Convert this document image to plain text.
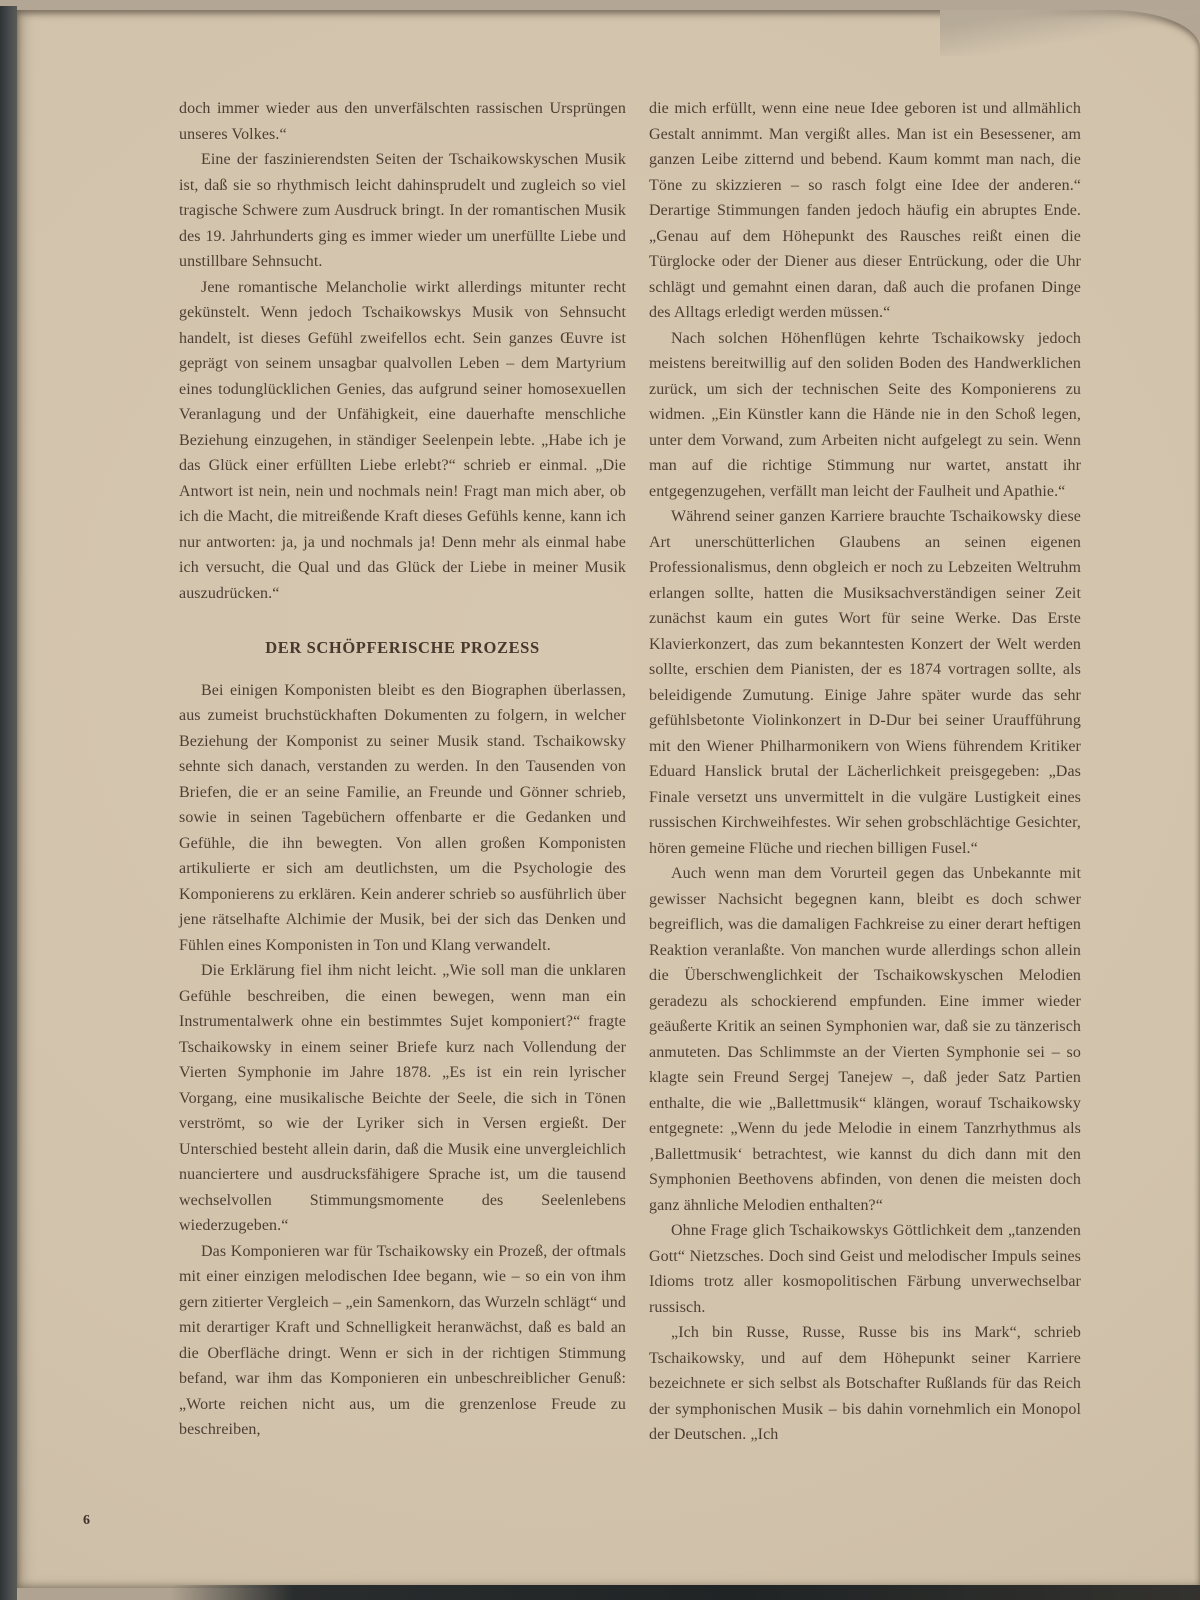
doch immer wieder aus den unverfälschten rassischen Ursprüngen unseres Volkes.“

Eine der faszinierendsten Seiten der Tschaikowskyschen Musik ist, daß sie so rhythmisch leicht dahinsprudelt und zugleich so viel tragische Schwere zum Ausdruck bringt. In der romantischen Musik des 19. Jahrhunderts ging es immer wieder um unerfüllte Liebe und unstillbare Sehnsucht.

Jene romantische Melancholie wirkt allerdings mitunter recht gekünstelt. Wenn jedoch Tschaikowskys Musik von Sehnsucht handelt, ist dieses Gefühl zweifellos echt. Sein ganzes Œuvre ist geprägt von seinem unsagbar qualvollen Leben – dem Martyrium eines todunglücklichen Genies, das aufgrund seiner homosexuellen Veranlagung und der Unfähigkeit, eine dauerhafte menschliche Beziehung einzugehen, in ständiger Seelenpein lebte. „Habe ich je das Glück einer erfüllten Liebe erlebt?“ schrieb er einmal. „Die Antwort ist nein, nein und nochmals nein! Fragt man mich aber, ob ich die Macht, die mitreißende Kraft dieses Gefühls kenne, kann ich nur antworten: ja, ja und nochmals ja! Denn mehr als einmal habe ich versucht, die Qual und das Glück der Liebe in meiner Musik auszudrücken.“

DER SCHÖPFERISCHE PROZESS

Bei einigen Komponisten bleibt es den Biographen überlassen, aus zumeist bruchstückhaften Dokumenten zu folgern, in welcher Beziehung der Komponist zu seiner Musik stand. Tschaikowsky sehnte sich danach, verstanden zu werden. In den Tausenden von Briefen, die er an seine Familie, an Freunde und Gönner schrieb, sowie in seinen Tagebüchern offenbarte er die Gedanken und Gefühle, die ihn bewegten. Von allen großen Komponisten artikulierte er sich am deutlichsten, um die Psychologie des Komponierens zu erklären. Kein anderer schrieb so ausführlich über jene rätselhafte Alchimie der Musik, bei der sich das Denken und Fühlen eines Komponisten in Ton und Klang verwandelt.

Die Erklärung fiel ihm nicht leicht. „Wie soll man die unklaren Gefühle beschreiben, die einen bewegen, wenn man ein Instrumentalwerk ohne ein bestimmtes Sujet komponiert?“ fragte Tschaikowsky in einem seiner Briefe kurz nach Vollendung der Vierten Symphonie im Jahre 1878. „Es ist ein rein lyrischer Vorgang, eine musikalische Beichte der Seele, die sich in Tönen verströmt, so wie der Lyriker sich in Versen ergießt. Der Unterschied besteht allein darin, daß die Musik eine unvergleichlich nuanciertere und ausdrucksfähigere Sprache ist, um die tausend wechselvollen Stimmungsmomente des Seelenlebens wiederzugeben.“

Das Komponieren war für Tschaikowsky ein Prozeß, der oftmals mit einer einzigen melodischen Idee begann, wie – so ein von ihm gern zitierter Vergleich – „ein Samenkorn, das Wurzeln schlägt“ und mit derartiger Kraft und Schnelligkeit heranwächst, daß es bald an die Oberfläche dringt. Wenn er sich in der richtigen Stimmung befand, war ihm das Komponieren ein unbeschreiblicher Genuß: „Worte reichen nicht aus, um die grenzenlose Freude zu beschreiben,

die mich erfüllt, wenn eine neue Idee geboren ist und allmählich Gestalt annimmt. Man vergißt alles. Man ist ein Besessener, am ganzen Leibe zitternd und bebend. Kaum kommt man nach, die Töne zu skizzieren – so rasch folgt eine Idee der anderen.“ Derartige Stimmungen fanden jedoch häufig ein abruptes Ende. „Genau auf dem Höhepunkt des Rausches reißt einen die Türglocke oder der Diener aus dieser Entrückung, oder die Uhr schlägt und gemahnt einen daran, daß auch die profanen Dinge des Alltags erledigt werden müssen.“

Nach solchen Höhenflügen kehrte Tschaikowsky jedoch meistens bereitwillig auf den soliden Boden des Handwerklichen zurück, um sich der technischen Seite des Komponierens zu widmen. „Ein Künstler kann die Hände nie in den Schoß legen, unter dem Vorwand, zum Arbeiten nicht aufgelegt zu sein. Wenn man auf die richtige Stimmung nur wartet, anstatt ihr entgegenzugehen, verfällt man leicht der Faulheit und Apathie.“

Während seiner ganzen Karriere brauchte Tschaikowsky diese Art unerschütterlichen Glaubens an seinen eigenen Professionalismus, denn obgleich er noch zu Lebzeiten Weltruhm erlangen sollte, hatten die Musiksachverständigen seiner Zeit zunächst kaum ein gutes Wort für seine Werke. Das Erste Klavierkonzert, das zum bekanntesten Konzert der Welt werden sollte, erschien dem Pianisten, der es 1874 vortragen sollte, als beleidigende Zumutung. Einige Jahre später wurde das sehr gefühlsbetonte Violinkonzert in D-Dur bei seiner Uraufführung mit den Wiener Philharmonikern von Wiens führendem Kritiker Eduard Hanslick brutal der Lächerlichkeit preisgegeben: „Das Finale versetzt uns unvermittelt in die vulgäre Lustigkeit eines russischen Kirchweihfestes. Wir sehen grobschlächtige Gesichter, hören gemeine Flüche und riechen billigen Fusel.“

Auch wenn man dem Vorurteil gegen das Unbekannte mit gewisser Nachsicht begegnen kann, bleibt es doch schwer begreiflich, was die damaligen Fachkreise zu einer derart heftigen Reaktion veranlaßte. Von manchen wurde allerdings schon allein die Überschwenglichkeit der Tschaikowskyschen Melodien geradezu als schockierend empfunden. Eine immer wieder geäußerte Kritik an seinen Symphonien war, daß sie zu tänzerisch anmuteten. Das Schlimmste an der Vierten Symphonie sei – so klagte sein Freund Sergej Tanejew –, daß jeder Satz Partien enthalte, die wie „Ballettmusik“ klängen, worauf Tschaikowsky entgegnete: „Wenn du jede Melodie in einem Tanzrhythmus als ‚Ballettmusik‘ betrachtest, wie kannst du dich dann mit den Symphonien Beethovens abfinden, von denen die meisten doch ganz ähnliche Melodien enthalten?“

Ohne Frage glich Tschaikowskys Göttlichkeit dem „tanzenden Gott“ Nietzsches. Doch sind Geist und melodischer Impuls seines Idioms trotz aller kosmopolitischen Färbung unverwechselbar russisch.

„Ich bin Russe, Russe, Russe bis ins Mark“, schrieb Tschaikowsky, und auf dem Höhepunkt seiner Karriere bezeichnete er sich selbst als Botschafter Rußlands für das Reich der symphonischen Musik – bis dahin vornehmlich ein Monopol der Deutschen. „Ich

6
